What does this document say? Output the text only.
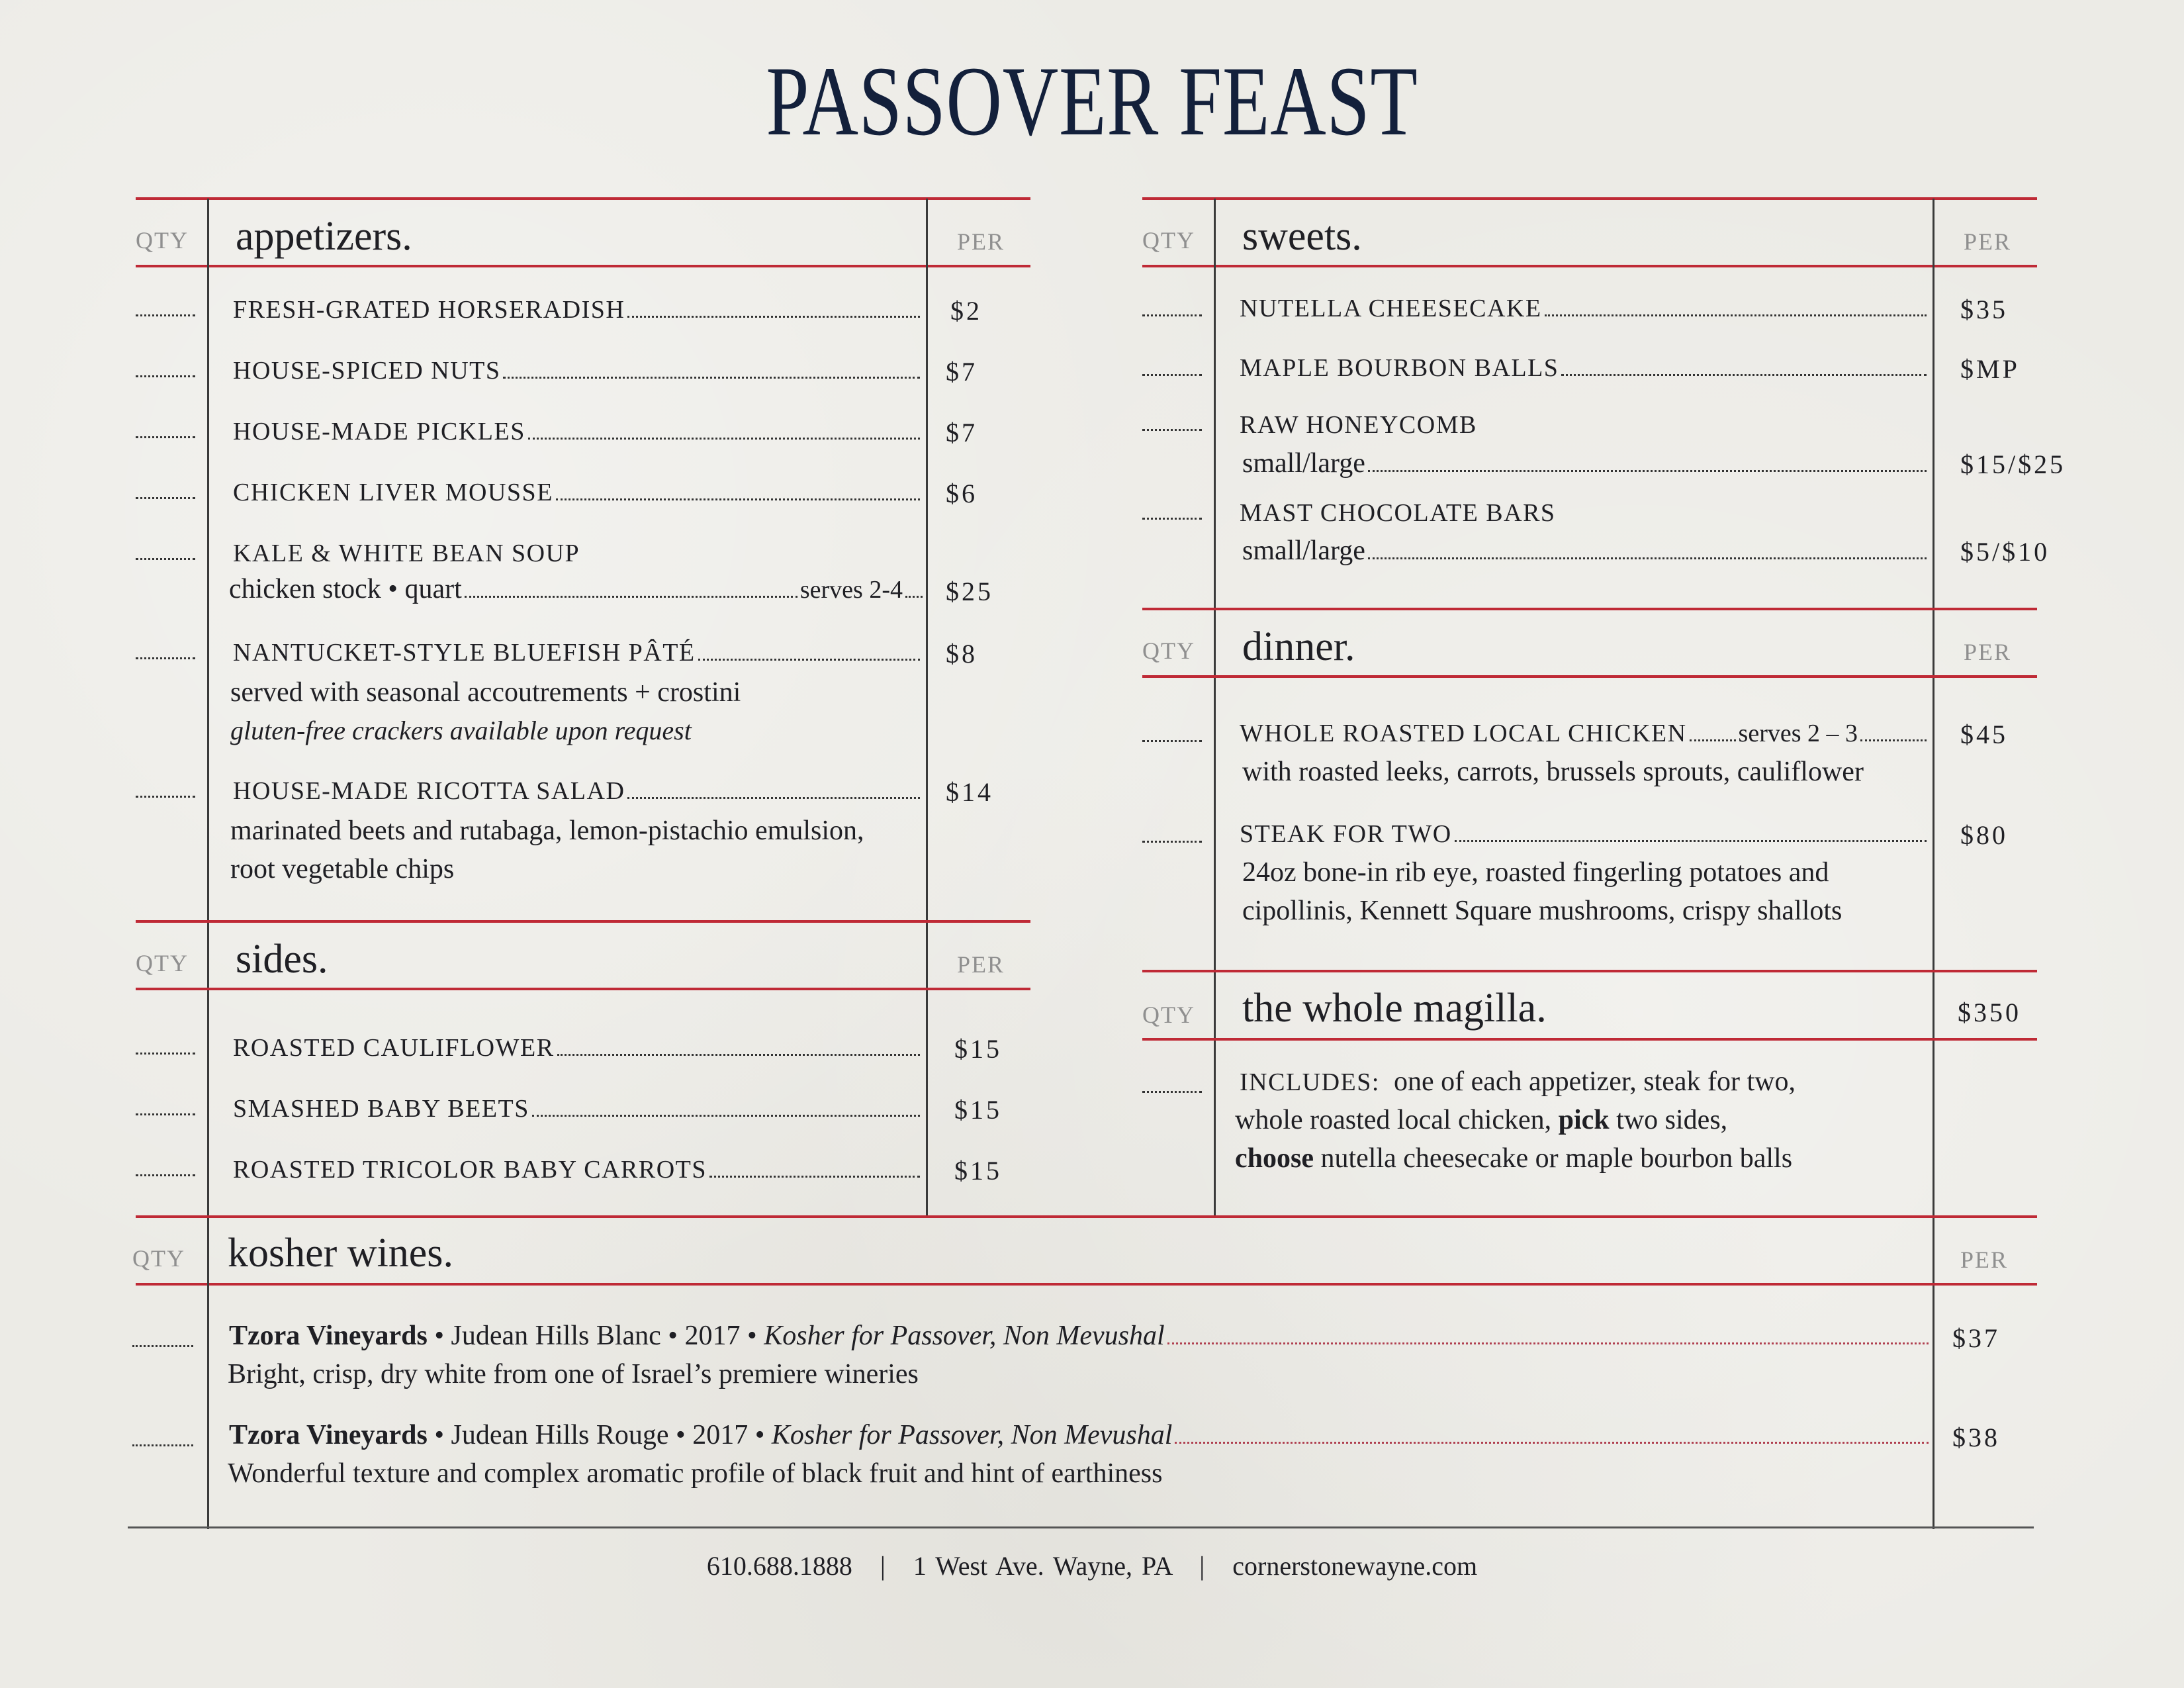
PASSOVER FEAST
QTY appetizers.	PER
FRESH-GRATED HORSERADISH	$2
HOUSE-SPICED NUTS	$7
HOUSE-MADE PICKLES	$7
CHICKEN LIVER MOUSSE	$6
KALE & WHITE BEAN SOUP
chicken stock • quart	serves 2-4 $25
NANTUCKET-STYLE BLUEFISH PÂTÉ	$8
served with seasonal accoutrements + crostini
gluten-free crackers available upon request
HOUSE-MADE RICOTTA SALAD	$14
marinated beets and rutabaga, lemon-pistachio emulsion,
root vegetable chips
QTY sides.	PER
ROASTED CAULIFLOWER	$15
SMASHED BABY BEETS	$15
ROASTED TRICOLOR BABY CARROTS	$15
QTY sweets.	PER
NUTELLA CHEESECAKE	$35
MAPLE BOURBON BALLS	$MP
RAW HONEYCOMB
small/large	$15/$25
MAST CHOCOLATE BARS
small/large	$5/$10
QTY dinner.	PER
WHOLE ROASTED LOCAL CHICKEN serves 2 – 3	$45
with roasted leeks, carrots, brussels sprouts, cauliflower
STEAK FOR TWO	$80
24oz bone-in rib eye, roasted fingerling potatoes and
cipollinis, Kennett Square mushrooms, crispy shallots
QTY the whole magilla.	$350
INCLUDES: one of each appetizer, steak for two,
whole roasted local chicken, pick two sides,
choose nutella cheesecake or maple bourbon balls
QTY kosher wines.	PER
Tzora Vineyards • Judean Hills Blanc • 2017 • Kosher for Passover, Non Mevushal	$37
Bright, crisp, dry white from one of Israel’s premiere wineries
Tzora Vineyards • Judean Hills Rouge • 2017 • Kosher for Passover, Non Mevushal	$38
Wonderful texture and complex aromatic profile of black fruit and hint of earthiness
610.688.1888 | 1 West Ave. Wayne, PA | cornerstonewayne.com
